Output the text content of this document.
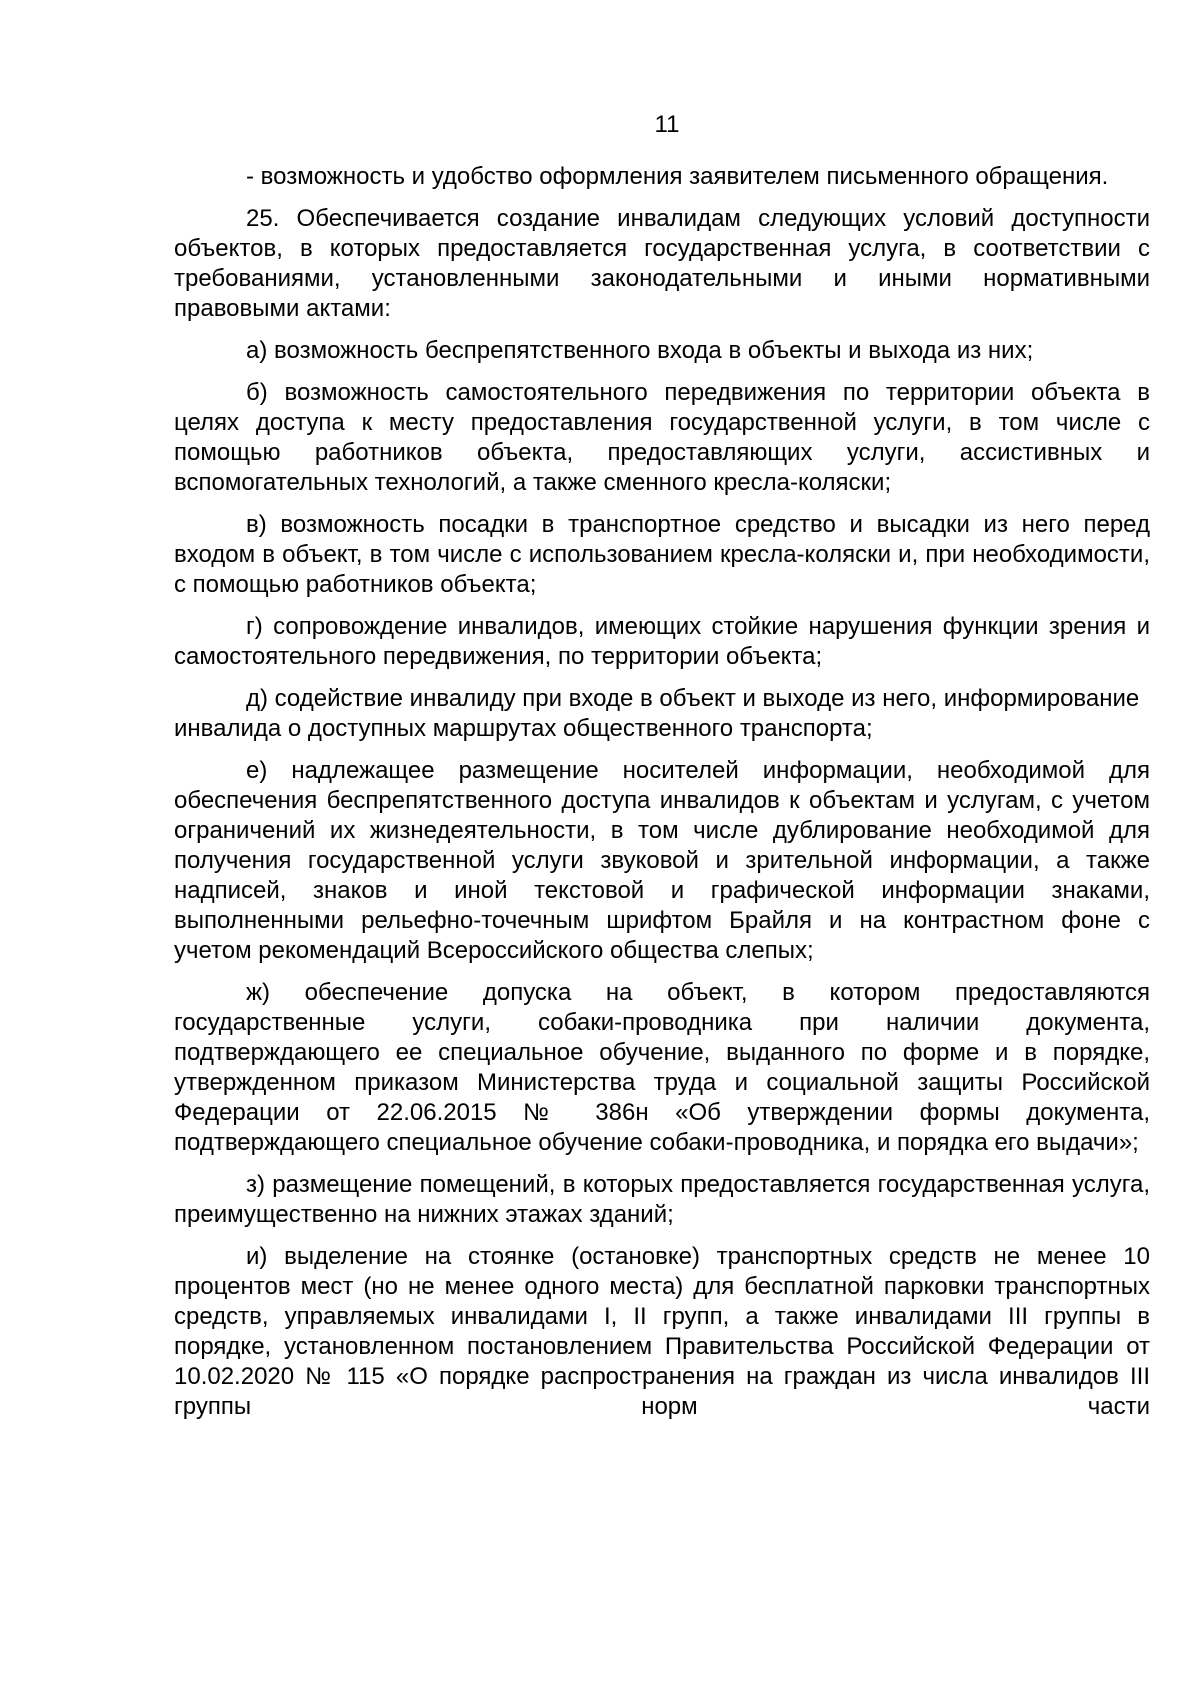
11

- возможность и удобство оформления заявителем письменного обращения.

25. Обеспечивается создание инвалидам следующих условий доступности объектов, в которых предоставляется государственная услуга, в соответствии с требованиями, установленными законодательными и иными нормативными правовыми актами:

а) возможность беспрепятственного входа в объекты и выхода из них;

б) возможность самостоятельного передвижения по территории объекта в целях доступа к месту предоставления государственной услуги, в том числе с помощью работников объекта, предоставляющих услуги, ассистивных и вспомогательных технологий, а также сменного кресла-коляски;

в) возможность посадки в транспортное средство и высадки из него перед входом в объект, в том числе с использованием кресла-коляски и, при необходимости, с помощью работников объекта;

г) сопровождение инвалидов, имеющих стойкие нарушения функции зрения и самостоятельного передвижения, по территории объекта;

д) содействие инвалиду при входе в объект и выходе из него, информирование инвалида о доступных маршрутах общественного транспорта;

е) надлежащее размещение носителей информации, необходимой для обеспечения беспрепятственного доступа инвалидов к объектам и услугам, с учетом ограничений их жизнедеятельности, в том числе дублирование необходимой для получения государственной услуги звуковой и зрительной информации, а также надписей, знаков и иной текстовой и графической информации знаками, выполненными рельефно-точечным шрифтом Брайля и на контрастном фоне с учетом рекомендаций Всероссийского общества слепых;

ж) обеспечение допуска на объект, в котором предоставляются государственные услуги, собаки-проводника при наличии документа, подтверждающего ее специальное обучение, выданного по форме и в порядке, утвержденном приказом Министерства труда и социальной защиты Российской Федерации от 22.06.2015 № 386н «Об утверждении формы документа, подтверждающего специальное обучение собаки-проводника, и порядка его выдачи»;

з) размещение помещений, в которых предоставляется государственная услуга, преимущественно на нижних этажах зданий;

и) выделение на стоянке (остановке) транспортных средств не менее 10 процентов мест (но не менее одного места) для бесплатной парковки транспортных средств, управляемых инвалидами I, II групп, а также инвалидами III группы в порядке, установленном постановлением Правительства Российской Федерации от 10.02.2020 № 115 «О порядке распространения на граждан из числа инвалидов III группы норм части
